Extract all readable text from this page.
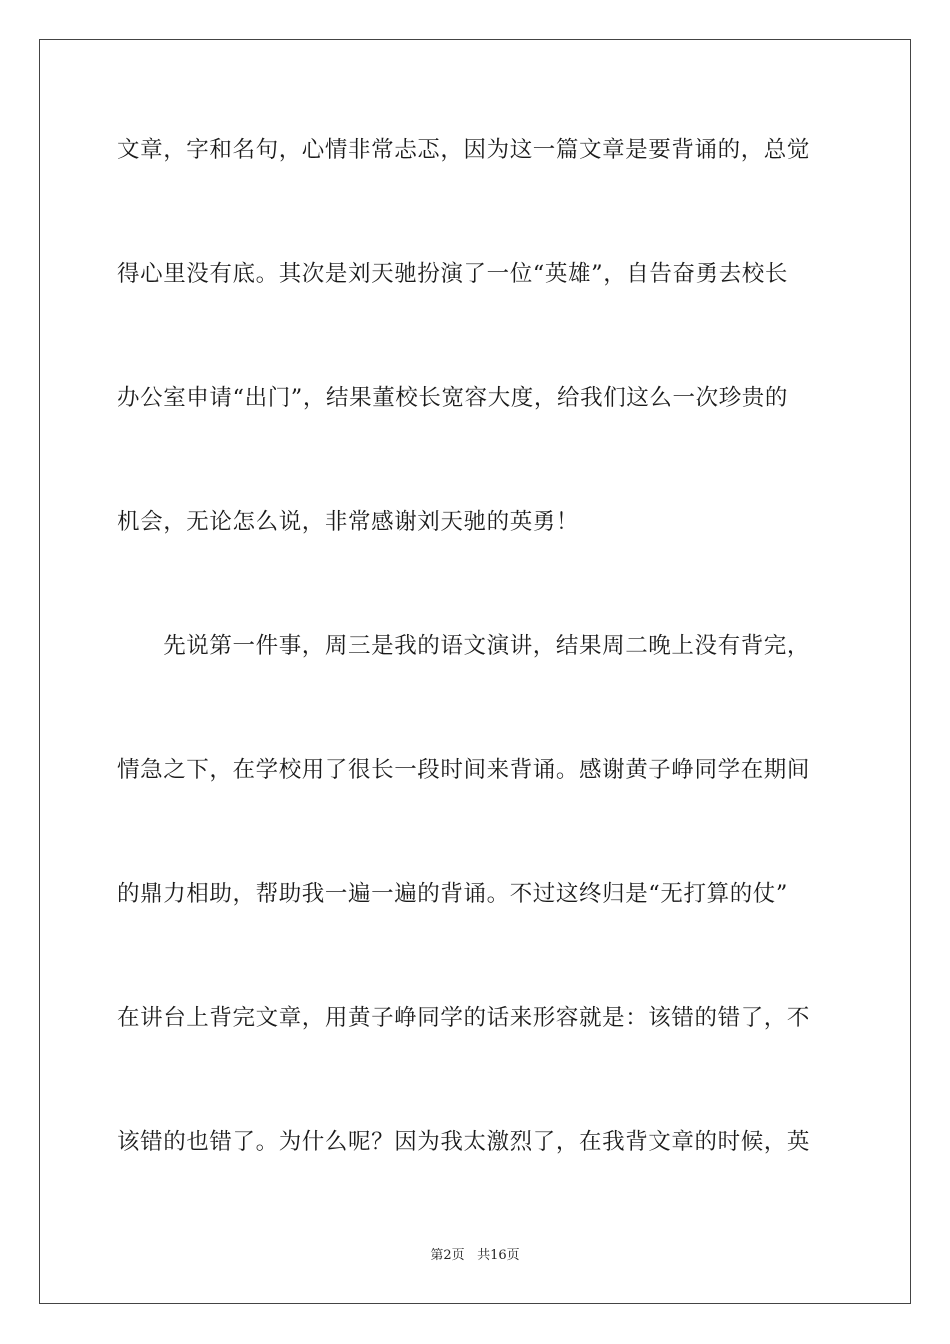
文章，字和名句，心情非常忐忑，因为这一篇文章是要背诵的，总觉
得心里没有底。其次是刘天驰扮演了一位“英雄”，自告奋勇去校长
办公室申请“出门”，结果董校长宽容大度，给我们这么一次珍贵的
机会，无论怎么说，非常感谢刘天驰的英勇！
　　先说第一件事，周三是我的语文演讲，结果周二晚上没有背完，
情急之下，在学校用了很长一段时间来背诵。感谢黄子峥同学在期间
的鼎力相助，帮助我一遍一遍的背诵。不过这终归是“无打算的仗”
在讲台上背完文章，用黄子峥同学的话来形容就是：该错的错了，不
该错的也错了。为什么呢？因为我太激烈了，在我背文章的时候，英
第2页 共16页
